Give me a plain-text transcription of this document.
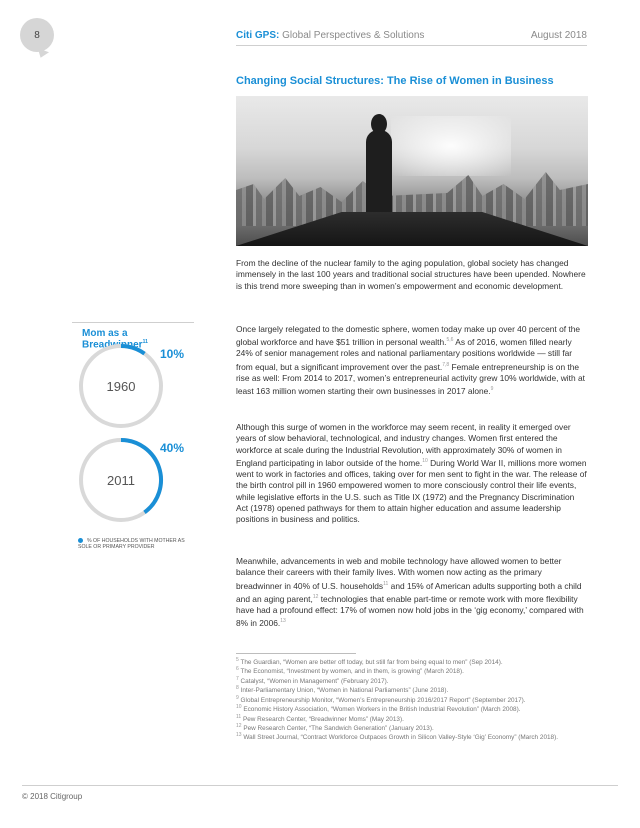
8	Citi GPS: Global Perspectives & Solutions	August 2018
Changing Social Structures: The Rise of Women in Business

From the decline of the nuclear family to the aging population, global society has changed immensely in the last 100 years and traditional social structures have been upended. Nowhere is this trend more sweeping than in women’s empowerment and economic development.

Once largely relegated to the domestic sphere, women today make up over 40 percent of the global workforce and have $51 trillion in personal wealth.$^{5,6}$ As of 2016, women filled nearly 24% of senior management roles and national parliamentary positions worldwide — still far from equal, but a significant improvement over the past.$^{7,8}$ Female entrepreneurship is on the rise as well: From 2014 to 2017, women’s entrepreneurial activity grew 10% worldwide, with at least 163 million women starting their own businesses in 2017 alone.$^9$

Although this surge of women in the workforce may seem recent, in reality it emerged over years of slow behavioral, technological, and industry changes. Women first entered the workforce at scale during the Industrial Revolution, with approximately 30% of women in England participating in labor outside of the home.$^{10}$ During World War II, millions more women went to work in factories and offices, taking over for men sent to fight in the war. The release of the birth control pill in 1960 empowered women to more consciously control their life events, while legislative efforts in the U.S. such as Title IX (1972) and the Pregnancy Discrimination Act (1978) opened pathways for them to attain higher education and assume leadership positions in business and politics.

Meanwhile, advancements in web and mobile technology have allowed women to better balance their careers with their family lives. With women now acting as the primary breadwinner in 40% of U.S. households$^{11}$ and 15% of American adults supporting both a child and an aging parent,$^{12}$ technologies that enable part-time or remote work with more flexibility have had a profound effect: 17% of women now hold jobs in the ‘gig economy,’ compared with 8% in 2006.13

Mom as a Breadwinner$^{11}$
10%
40%
1960
2011
% OF HOUSEHOLDS WITH MOTHER AS SOLE OR PRIMARY PROVIDER
$^5$ The Guardian, “Women are better off today, but still far from being equal to men” (Sep 2014).
$^6$ The Economist, “Investment by women, and in them, is growing” (March 2018).
$^7$ Catalyst, “Women in Management” (February 2017).
$^8$ Inter-Parliamentary Union, “Women in National Parliaments” (June 2018).
$^9$ Global Entrepreneurship Monitor, “Women’s Entrepreneurship 2016/2017 Report” (September 2017).
$^{10}$ Economic History Association, “Women Workers in the British Industrial Revolution” (March 2008).
$^{11}$ Pew Research Center, “Breadwinner Moms” (May 2013).
$^{12}$ Pew Research Center, “The Sandwich Generation” (January 2013).
$^{13}$ Wall Street Journal, “Contract Workforce Outpaces Growth in Silicon Valley-Style ‘Gig’ Economy” (March 2018).
© 2018 Citigroup
